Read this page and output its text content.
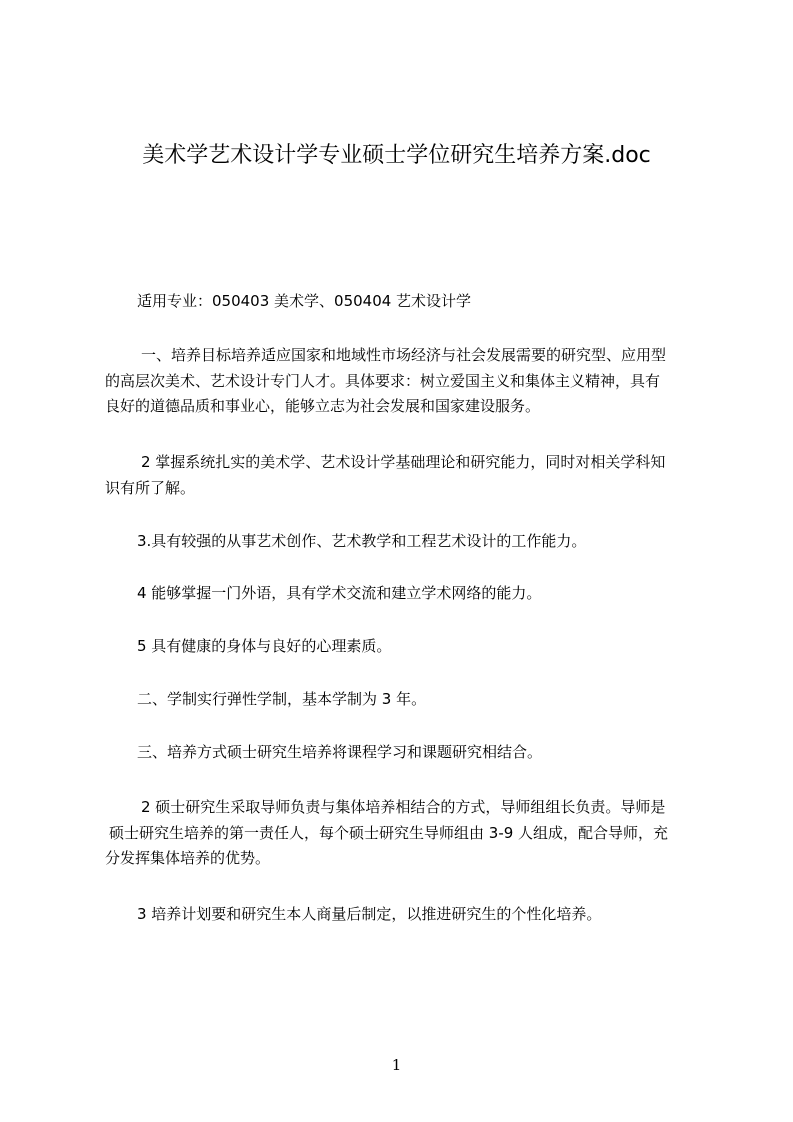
美术学艺术设计学专业硕士学位研究生培养方案.doc
适用专业：050403 美术学、050404 艺术设计学
一、培养目标培养适应国家和地域性市场经济与社会发展需要的研究型、应用型
的高层次美术、艺术设计专门人才。具体要求：树立爱国主义和集体主义精神，具有
良好的道德品质和事业心，能够立志为社会发展和国家建设服务。
2 掌握系统扎实的美术学、艺术设计学基础理论和研究能力，同时对相关学科知
识有所了解。
3.具有较强的从事艺术创作、艺术教学和工程艺术设计的工作能力。
4 能够掌握一门外语，具有学术交流和建立学术网络的能力。
5 具有健康的身体与良好的心理素质。
二、学制实行弹性学制，基本学制为 3 年。
三、培养方式硕士研究生培养将课程学习和课题研究相结合。
2 硕士研究生采取导师负责与集体培养相结合的方式，导师组组长负责。导师是
硕士研究生培养的第一责任人，每个硕士研究生导师组由 3-9 人组成，配合导师，充
分发挥集体培养的优势。
3 培养计划要和研究生本人商量后制定，以推进研究生的个性化培养。
1
